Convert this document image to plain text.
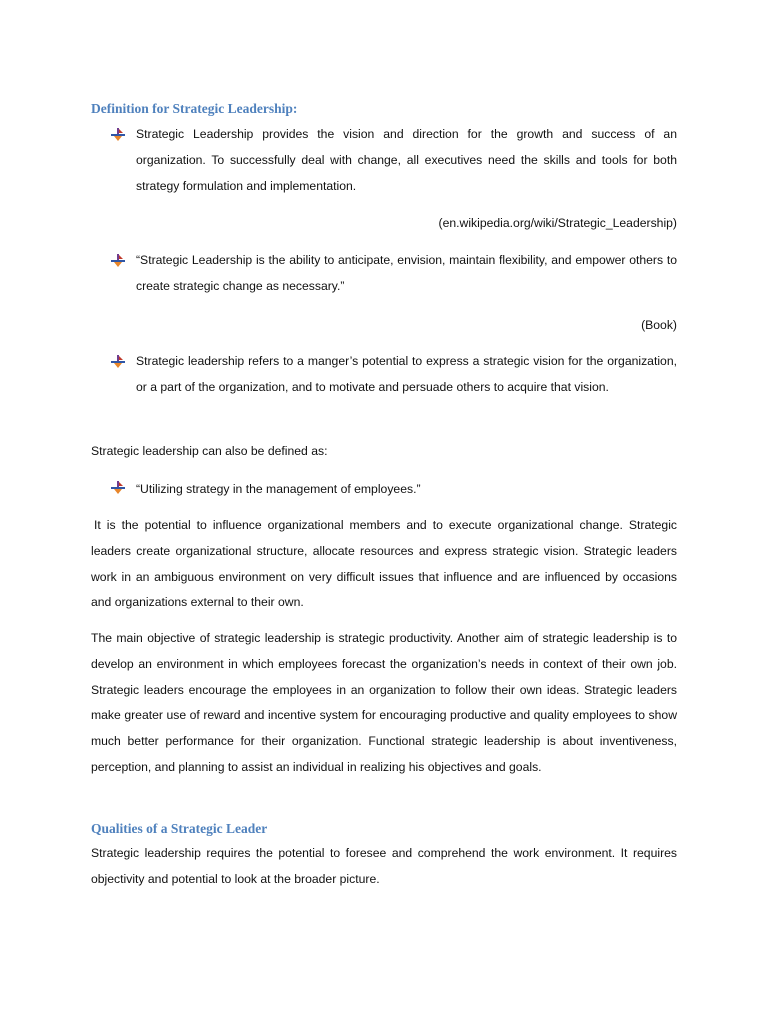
Definition for Strategic Leadership:

Strategic Leadership provides the vision and direction for the growth and success of an organization. To successfully deal with change, all executives need the skills and tools for both strategy formulation and implementation.

(en.wikipedia.org/wiki/Strategic_Leadership)

“Strategic Leadership is the ability to anticipate, envision, maintain flexibility, and empower others to create strategic change as necessary.”

(Book)

Strategic leadership refers to a manger’s potential to express a strategic vision for the organization, or a part of the organization, and to motivate and persuade others to acquire that vision.

Strategic leadership can also be defined as:
“Utilizing strategy in the management of employees.”

It is the potential to influence organizational members and to execute organizational change. Strategic leaders create organizational structure, allocate resources and express strategic vision. Strategic leaders work in an ambiguous environment on very difficult issues that influence and are influenced by occasions and organizations external to their own.

The main objective of strategic leadership is strategic productivity. Another aim of strategic leadership is to develop an environment in which employees forecast the organization’s needs in context of their own job. Strategic leaders encourage the employees in an organization to follow their own ideas. Strategic leaders make greater use of reward and incentive system for encouraging productive and quality employees to show much better performance for their organization. Functional strategic leadership is about inventiveness, perception, and planning to assist an individual in realizing his objectives and goals.

Qualities of a Strategic Leader

Strategic leadership requires the potential to foresee and comprehend the work environment. It requires objectivity and potential to look at the broader picture.
